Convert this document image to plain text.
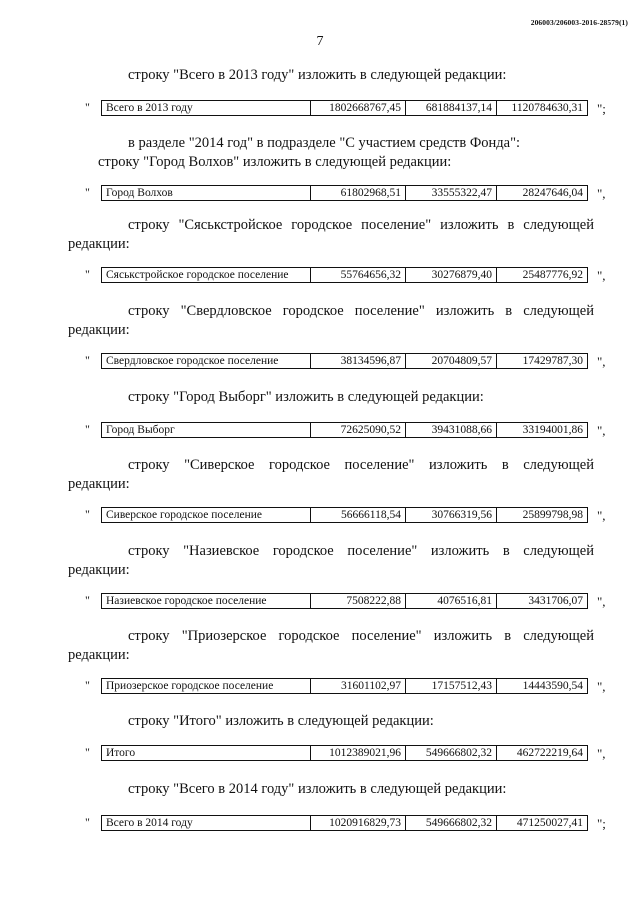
206003/206003-2016-28579(1)
7
строку "Всего в 2013 году" изложить в следующей редакции:
" Всего в 2013 году	1802668767,45	681884137,14	1120784630,31 ";
в разделе "2014 год" в подразделе "С участием средств Фонда":
строку "Город Волхов" изложить в следующей редакции:
" Город Волхов	61802968,51	33555322,47	28247646,04 ",
строку "Сяськстройское городское поселение" изложить в следующей
редакции:
" Сяськстройское городское поселение	55764656,32	30276879,40	25487776,92 ",
строку "Свердловское городское поселение" изложить в следующей
редакции:
" Свердловское городское поселение	38134596,87	20704809,57	17429787,30 ",
строку "Город Выборг" изложить в следующей редакции:
" Город Выборг	72625090,52	39431088,66	33194001,86 ",
строку "Сиверское городское поселение" изложить в следующей
редакции:
" Сиверское городское поселение	56666118,54	30766319,56	25899798,98 ",
строку "Назиевское городское поселение" изложить в следующей
редакции:
" Назиевское городское поселение	7508222,88	4076516,81	3431706,07 ",
строку "Приозерское городское поселение" изложить в следующей
редакции:
" Приозерское городское поселение	31601102,97	17157512,43	14443590,54 ",
строку "Итого" изложить в следующей редакции:
" Итого	1012389021,96	549666802,32	462722219,64 ",
строку "Всего в 2014 году" изложить в следующей редакции:
" Всего в 2014 году	1020916829,73	549666802,32	471250027,41 ";
